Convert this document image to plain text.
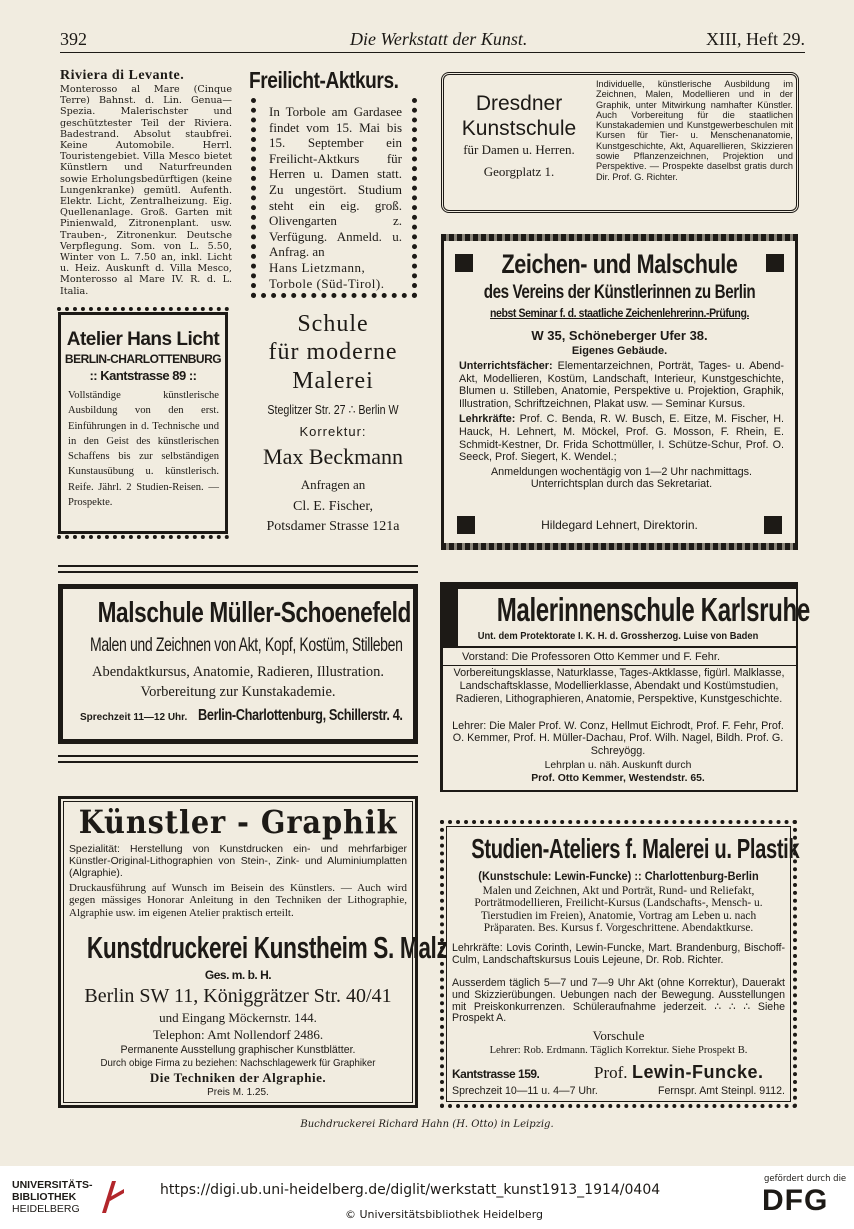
392	Die Werkstatt der Kunst.	XIII, Heft 29.

Riviera di Levante.

Monterosso al Mare (Cinque Terre) Bahnst. d. Lin. Genua—Spezia. Malerischster und geschütztester Teil der Riviera. Badestrand. Absolut staubfrei. Keine Automobile. Herrl. Touristengebiet. Villa Mesco bietet Künstlern und Naturfreunden sowie Erholungsbedürftigen (keine Lungenkranke) gemütl. Aufenth. Elektr. Licht, Zentralheizung. Eig. Quellenanlage. Groß. Garten mit Pinienwald, Zitronenplant. usw. Trauben-, Zitronenkur. Deutsche Verpflegung. Som. von L. 5.50, Winter von L. 7.50 an, inkl. Licht u. Heiz. Auskunft d. Villa Mesco, Monterosso al Mare IV. R. d. L. Italia.

Freilicht-Aktkurs.

In Torbole am Gardasee findet vom 15. Mai bis 15. September ein Freilicht-Aktkurs für Herren u. Damen statt. Zu ungestört. Studium steht ein eig. groß. Olivengarten z. Verfügung. Anmeld. u. Anfrag. an

Hans Lietzmann, Torbole (Süd-Tirol).

Dresdner

Kunstschule

für Damen u. Herren.

Georgplatz 1.

Individuelle, künstlerische Ausbildung im Zeichnen, Malen, Modellieren und in der Graphik, unter Mitwirkung namhafter Künstler. Auch Vorbereitung für die staatlichen Kunstakademien und Kunstgewerbeschulen mit Kursen für Tier- u. Menschenanatomie, Kunstgeschichte, Akt, Aquarellieren, Skizzieren sowie Pflanzenzeichnen, Projektion und Perspektive. — Prospekte daselbst gratis durch Dir. Prof. G. Richter.

Atelier Hans Licht

BERLIN-CHARLOTTENBURG

:: Kantstrasse 89 ::

Vollständige künstlerische Ausbildung von den erst. Einführungen in d. Technische und in den Geist des künstlerischen Schaffens bis zur selbständigen Kunstausübung u. künstlerisch. Reife. Jährl. 2 Studien-Reisen. — Prospekte.

Schule

für moderne

Malerei

Steglitzer Str. 27 ∴ Berlin W

Korrektur:

Max Beckmann

Anfragen an

Cl. E. Fischer,

Potsdamer Strasse 121a

Zeichen- und Malschule

des Vereins der Künstlerinnen zu Berlin

nebst Seminar f. d. staatliche Zeichenlehrerinn.-Prüfung.

W 35, Schöneberger Ufer 38.

Eigenes Gebäude.

Unterrichtsfächer: Elementarzeichnen, Porträt, Tages- u. Abend-Akt, Modellieren, Kostüm, Landschaft, Interieur, Kunstgeschichte, Blumen u. Stilleben, Anatomie, Perspektive u. Projektion, Graphik, Illustration, Schriftzeichnen, Plakat usw. — Seminar Kursus.

Lehrkräfte: Prof. C. Benda, R. W. Busch, E. Eitze, M. Fischer, H. Hauck, H. Lehnert, M. Möckel, Prof. G. Mosson, F. Rhein, E. Schmidt-Kestner, Dr. Frida Schottmüller, I. Schütze-Schur, Prof. O. Seeck, Prof. Siegert, K. Wendel.;

Anmeldungen wochentägig von 1—2 Uhr nachmittags.

Unterrichtsplan durch das Sekretariat.

Hildegard Lehnert, Direktorin.

Malschule Müller-Schoenefeld

Malen und Zeichnen von Akt, Kopf, Kostüm, Stilleben

Abendaktkursus, Anatomie, Radieren, Illustration. Vorbereitung zur Kunstakademie.

Sprechzeit 11—12 Uhr. Berlin-Charlottenburg, Schillerstr. 4.

Malerinnenschule Karlsruhe

Unt. dem Protektorate I. K. H. d. Grossherzog. Luise von Baden

Vorstand: Die Professoren Otto Kemmer und F. Fehr.

Vorbereitungsklasse, Naturklasse, Tages-Aktklasse, figürl. Malklasse, Landschaftsklasse, Modellierklasse, Abendakt und Kostümstudien, Radieren, Lithographieren, Anatomie, Perspektive, Kunstgeschichte.

Lehrer: Die Maler Prof. W. Conz, Hellmut Eichrodt, Prof. F. Fehr, Prof. O. Kemmer, Prof. H. Müller-Dachau, Prof. Wilh. Nagel, Bildh. Prof. G. Schreyögg.

Lehrplan u. näh. Auskunft durch

Prof. Otto Kemmer, Westendstr. 65.

Künstler - Graphik

Spezialität: Herstellung von Kunstdrucken ein- und mehrfarbiger Künstler-Original-Lithographien von Stein-, Zink- und Aluminiumplatten (Algraphie).

Druckausführung auf Wunsch im Beisein des Künstlers. — Auch wird gegen mässiges Honorar Anleitung in den Techniken der Lithographie, Algraphie usw. im eigenen Atelier praktisch erteilt.

Kunstdruckerei Kunstheim S. Malz

Ges. m. b. H.

Berlin SW 11, Königgrätzer Str. 40/41

und Eingang Möckernstr. 144.

Telephon: Amt Nollendorf 2486.

Permanente Ausstellung graphischer Kunstblätter.

Durch obige Firma zu beziehen: Nachschlagewerk für Graphiker

Die Techniken der Algraphie.

Preis M. 1.25.

Studien-Ateliers f. Malerei u. Plastik

(Kunstschule: Lewin-Funcke) :: Charlottenburg-Berlin

Malen und Zeichnen, Akt und Porträt, Rund- und Reliefakt, Porträtmodellieren, Freilicht-Kursus (Landschafts-, Mensch- u. Tierstudien im Freien), Anatomie, Vortrag am Leben u. nach Präparaten. Bes. Kursus f. Vorgeschrittene. Abendaktkurse.

Lehrkräfte: Lovis Corinth, Lewin-Funcke, Mart. Brandenburg, Bischoff-Culm, Landschaftskursus Louis Lejeune, Dr. Rob. Richter.

Ausserdem täglich 5—7 und 7—9 Uhr Akt (ohne Korrektur), Dauerakt und Skizzierübungen. Uebungen nach der Bewegung. Ausstellungen mit Preiskonkurrenzen. Schüleraufnahme jederzeit. ∴ ∴ ∴ Siehe Prospekt A.

Vorschule

Lehrer: Rob. Erdmann. Täglich Korrektur. Siehe Prospekt B.

Kantstrasse 159.	Prof. Lewin-Funcke.
Sprechzeit 10—11 u. 4—7 Uhr.	Fernspr. Amt Steinpl. 9112.

Buchdruckerei Richard Hahn (H. Otto) in Leipzig.

UNIVERSITÄTS-

BIBLIOTHEK

HEIDELBERG

https://digi.ub.uni-heidelberg.de/diglit/werkstatt_kunst1913_1914/0404

© Universitätsbibliothek Heidelberg

gefördert durch die

DFG
